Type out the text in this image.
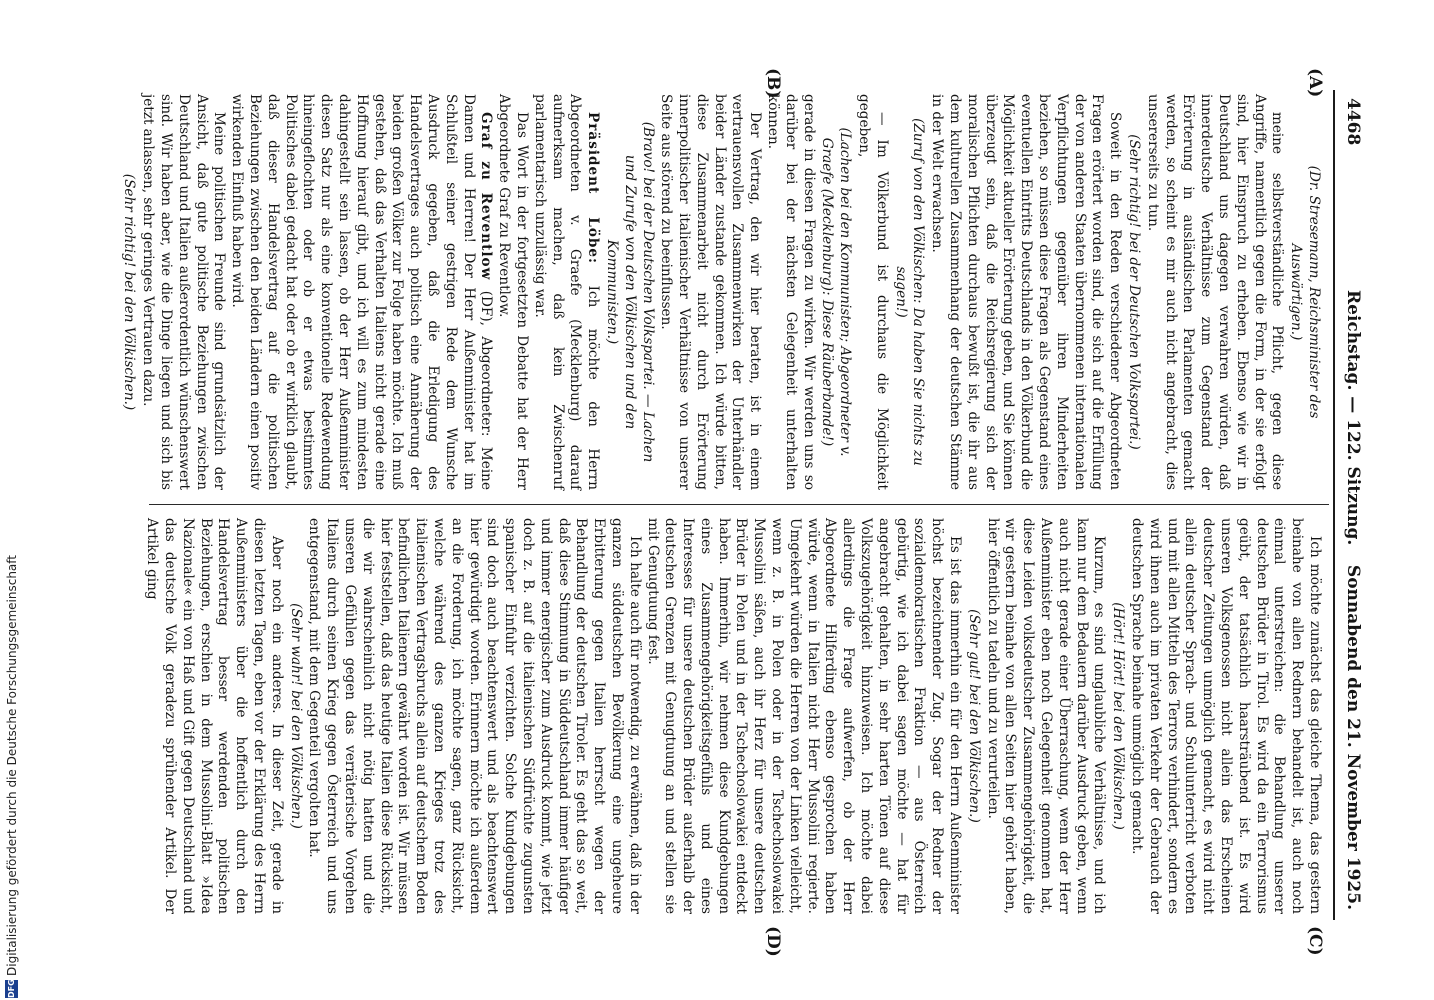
4468
Reichstag. — 122. Sitzung.
Sonnabend den 21. November 1925.
(A)
(B)
(C)
(D)

(Dr. Stresemann, Reichsminister des Auswärtigen.)

meine selbstverständliche Pflicht, gegen diese Angriffe, namentlich gegen die Form, in der sie erfolgt sind, hier Einspruch zu erheben. Ebenso wie wir in Deutschland uns dagegen verwahren würden, daß innerdeutsche Verhältnisse zum Gegenstand der Erörterung in ausländischen Parlamenten gemacht werden, so scheint es mir auch nicht angebracht, dies unsererseits zu tun.

(Sehr richtig! bei der Deutschen Volkspartei.)

Soweit in den Reden verschiedener Abgeordneten Fragen erörtert worden sind, die sich auf die Erfüllung der von anderen Staaten übernommenen internationalen Verpflichtungen gegenüber ihren Minderheiten beziehen, so müssen diese Fragen als Gegenstand eines eventuellen Eintritts Deutschlands in den Völkerbund die Möglichkeit aktueller Erörterung geben, und Sie können überzeugt sein, daß die Reichsregierung sich der moralischen Pflichten durchaus bewußt ist, die ihr aus dem kulturellen Zusammenhang der deutschen Stämme in der Welt erwachsen.

(Zuruf von den Völkischen: Da haben Sie nichts zu sagen!)

— Im Völkerbund ist durchaus die Möglichkeit gegeben,

(Lachen bei den Kommunisten; Abgeordneter v. Graefe (Mecklenburg): Diese Räuberbande!)

gerade in diesen Fragen zu wirken. Wir werden uns so darüber bei der nächsten Gelegenheit unterhalten können.

Der Vertrag, den wir hier beraten, ist in einem vertrauensvollen Zusammenwirken der Unterhändler beider Länder zustande gekommen. Ich würde bitten, diese Zusammenarbeit nicht durch Erörterung innerpolitischer italienischer Verhältnisse von unserer Seite aus störend zu beeinflussen.

(Bravo! bei der Deutschen Volkspartei. — Lachen und Zurufe von den Völkischen und den Kommunisten.)

Präsident Löbe: Ich möchte den Herrn Abgeordneten v. Graefe (Mecklenburg) darauf aufmerksam machen, daß kein Zwischenruf parlamentarisch unzulässig war.

Das Wort in der fortgesetzten Debatte hat der Herr Abgeordnete Graf zu Reventlow.

Graf zu Reventlow (DF), Abgeordneter: Meine Damen und Herren! Der Herr Außenminister hat im Schlußteil seiner gestrigen Rede dem Wunsche Ausdruck gegeben, daß die Erledigung des Handelsvertrages auch politisch eine Annäherung der beiden großen Völker zur Folge haben möchte. Ich muß gestehen, daß das Verhalten Italiens nicht gerade eine Hoffnung hierauf gibt, und ich will es zum mindesten dahingestellt sein lassen, ob der Herr Außenminister diesen Satz nur als eine konventionelle Redewendung hineingeflochten oder ob er etwas bestimmtes Politisches dabei gedacht hat oder ob er wirklich glaubt, daß dieser Handelsvertrag auf die politischen Beziehungen zwischen den beiden Ländern einen positiv wirkenden Einfluß haben wird.

Meine politischen Freunde sind grundsätzlich der Ansicht, daß gute politische Beziehungen zwischen Deutschland und Italien außerordentlich wünschenswert sind. Wir haben aber, wie die Dinge liegen und sich bis jetzt anlassen, sehr geringes Vertrauen dazu.

(Sehr richtig! bei den Völkischen.)

Ich möchte zunächst das gleiche Thema, das gestern beinahe von allen Rednern behandelt ist, auch noch einmal unterstreichen: die Behandlung unserer deutschen Brüder in Tirol. Es wird da ein Terrorismus geübt, der tatsächlich haarsträubend ist. Es wird unseren Volksgenossen nicht allein das Erscheinen deutscher Zeitungen unmöglich gemacht, es wird nicht allein deutscher Sprach- und Schulunterricht verboten und mit allen Mitteln des Terrors verhindert, sondern es wird ihnen auch im privaten Verkehr der Gebrauch der deutschen Sprache beinahe unmöglich gemacht.

(Hört! Hört! bei den Völkischen.)

Kurzum, es sind unglaubliche Verhältnisse, und ich kann nur dem Bedauern darüber Ausdruck geben, wenn auch nicht gerade einer Überraschung, wenn der Herr Außenminister eben noch Gelegenheit genommen hat, diese Leiden volksdeutscher Zusammengehörigkeit, die wir gestern beinahe von allen Seiten hier gehört haben, hier öffentlich zu tadeln und zu verurteilen.

(Sehr gut! bei den Völkischen.)

Es ist das immerhin ein für den Herrn Außenminister höchst bezeichnender Zug. Sogar der Redner der sozialdemokratischen Fraktion — aus Österreich gebürtig, wie ich dabei sagen möchte — hat für angebracht gehalten, in sehr harten Tönen auf diese Volkszugehörigkeit hinzuweisen. Ich möchte dabei allerdings die Frage aufwerfen, ob der Herr Abgeordnete Hilferding ebenso gesprochen haben würde, wenn in Italien nicht Herr Mussolini regierte. Umgekehrt würden die Herren von der Linken vielleicht, wenn z. B. in Polen oder in der Tschechoslowakei Mussolini säßen, auch ihr Herz für unsere deutschen Brüder in Polen und in der Tschechoslowakei entdeckt haben. Immerhin, wir nehmen diese Kundgebungen eines Zusammengehörigkeitsgefühls und eines Interesses für unsere deutschen Brüder außerhalb der deutschen Grenzen mit Genugtuung an und stellen sie mit Genugtuung fest.

Ich halte auch für notwendig, zu erwähnen, daß in der ganzen süddeutschen Bevölkerung eine ungeheure Erbitterung gegen Italien herrscht wegen der Behandlung der deutschen Tiroler. Es geht das so weit, daß diese Stimmung in Süddeutschland immer häufiger und immer energischer zum Ausdruck kommt, wie jetzt doch z. B. auf die italienischen Südfrüchte zugunsten spanischer Einfuhr verzichten. Solche Kundgebungen sind doch auch beachtenswert und als beachtenswert hier gewürdigt worden. Erinnern möchte ich außerdem an die Forderung, ich möchte sagen, ganz Rücksicht, welche während des ganzen Krieges trotz des italienischen Vertragsbruchs allein auf deutschem Boden befindlichen Italienern gewährt worden ist. Wir müssen hier feststellen, daß das heutige Italien diese Rücksicht, die wir wahrscheinlich nicht nötig hatten und die unseren Gefühlen gegen das verräterische Vorgehen Italiens durch seinen Krieg gegen Österreich und uns entgegenstand, mit dem Gegenteil vergolten hat.

(Sehr wahr! bei den Völkischen.)

Aber noch ein anderes. In dieser Zeit, gerade in diesen letzten Tagen, eben vor der Erklärung des Herrn Außenministers über die hoffentlich durch den Handelsvertrag besser werdenden politischen Beziehungen, erschien in dem Mussolini-Blatt »Idea Nazionale« ein von Haß und Gift gegen Deutschland und das deutsche Volk geradezu sprühender Artikel. Der Artikel ging

DFG
Digitalisierung gefördert durch die Deutsche Forschungsgemeinschaft
